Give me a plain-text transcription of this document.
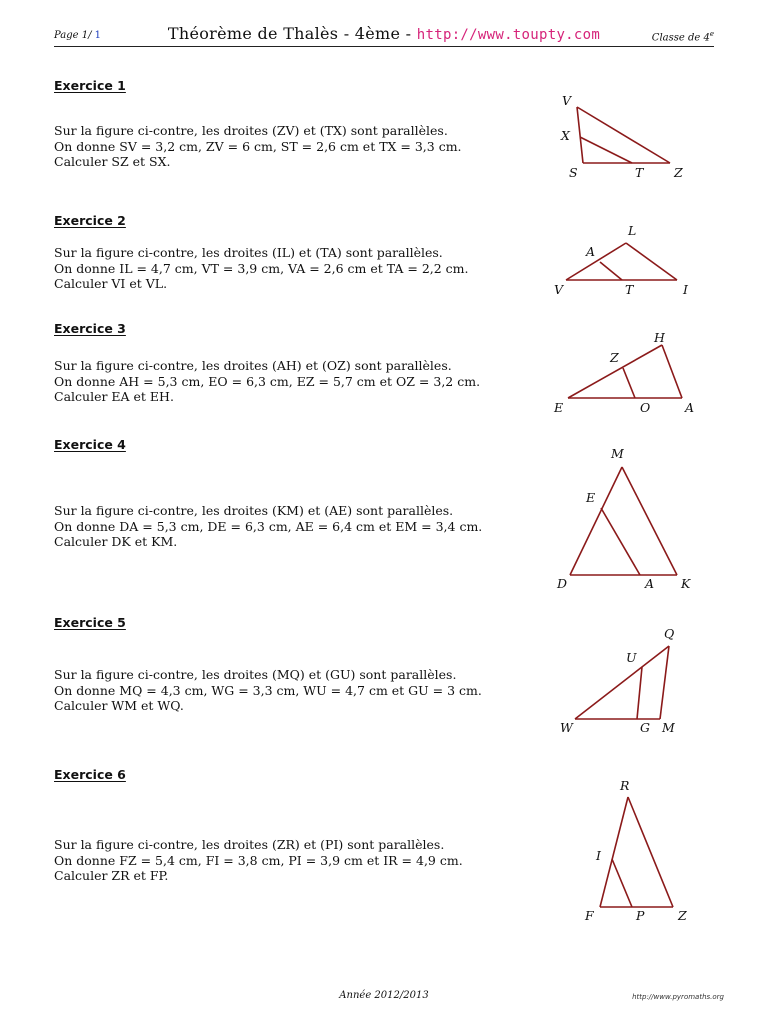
Page 1/ 1	Théorème de Thalès - 4ème - http://www.toupty.com	Classe de 4e
Exercice 1

Sur la figure ci-contre, les droites (ZV) et (TX) sont parallèles.

On donne SV = 3,2 cm, ZV = 6 cm, ST = 2,6 cm et TX = 3,3 cm.

Calculer SZ et SX.

Exercice 2

Sur la figure ci-contre, les droites (IL) et (TA) sont parallèles.

On donne IL = 4,7 cm, VT = 3,9 cm, VA = 2,6 cm et TA = 2,2 cm.

Calculer VI et VL.

Exercice 3

Sur la figure ci-contre, les droites (AH) et (OZ) sont parallèles.

On donne AH = 5,3 cm, EO = 6,3 cm, EZ = 5,7 cm et OZ = 3,2 cm.

Calculer EA et EH.

Exercice 4

Sur la figure ci-contre, les droites (KM) et (AE) sont parallèles.

On donne DA = 5,3 cm, DE = 6,3 cm, AE = 6,4 cm et EM = 3,4 cm.

Calculer DK et KM.

Exercice 5

Sur la figure ci-contre, les droites (MQ) et (GU) sont parallèles.

On donne MQ = 4,3 cm, WG = 3,3 cm, WU = 4,7 cm et GU = 3 cm.

Calculer WM et WQ.

Exercice 6

Sur la figure ci-contre, les droites (ZR) et (PI) sont parallèles.

On donne FZ = 5,4 cm, FI = 3,8 cm, PI = 3,9 cm et IR = 4,9 cm.

Calculer ZR et FP.

V
X
S	T Z
L
A
V	T	I
H
Z
E	O	A
M
E
D	A K
Q
U
W	G M
R
I
F	P	Z
Année 2012/2013	http://www.pyromaths.org
